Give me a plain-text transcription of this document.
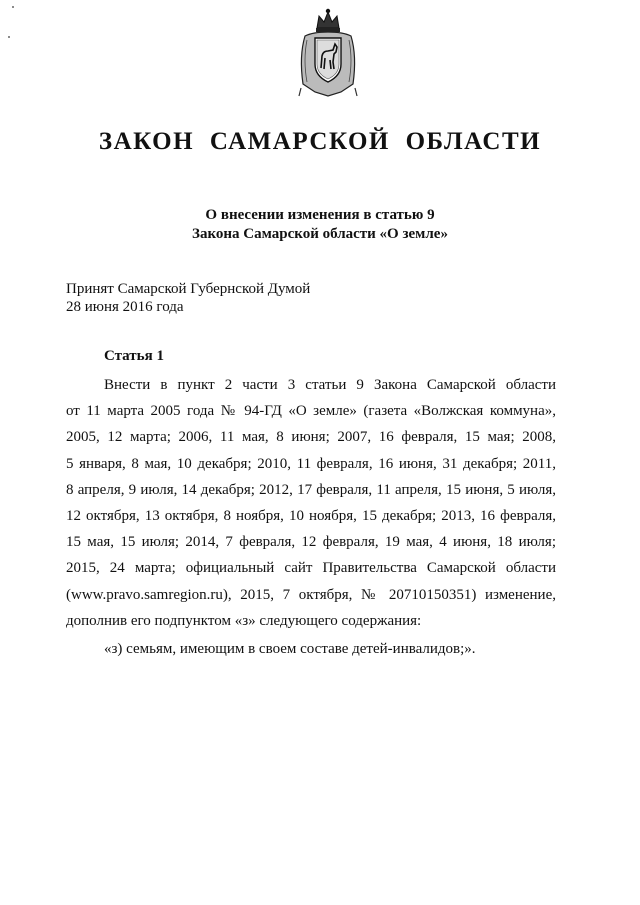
ЗАКОН САМАРСКОЙ ОБЛАСТИ
О внесении изменения в статью 9
Закона Самарской области «О земле»
Принят Самарской Губернской Думой
28 июня 2016 года
Статья 1
Внести в пункт 2 части 3 статьи 9 Закона Самарской области
от 11 марта 2005 года № 94-ГД «О земле» (газета «Волжская коммуна»,
2005, 12 марта; 2006, 11 мая, 8 июня; 2007, 16 февраля, 15 мая; 2008,
5 января, 8 мая, 10 декабря; 2010, 11 февраля, 16 июня, 31 декабря; 2011,
8 апреля, 9 июля, 14 декабря; 2012, 17 февраля, 11 апреля, 15 июня, 5 июля,
12 октября, 13 октября, 8 ноября, 10 ноября, 15 декабря; 2013, 16 февраля,
15 мая, 15 июля; 2014, 7 февраля, 12 февраля, 19 мая, 4 июня, 18 июля;
2015, 24 марта; официальный сайт Правительства Самарской области
(www.pravo.samregion.ru), 2015, 7 октября, № 20710150351) изменение,
дополнив его подпунктом «з» следующего содержания:
«з) семьям, имеющим в своем составе детей-инвалидов;».
